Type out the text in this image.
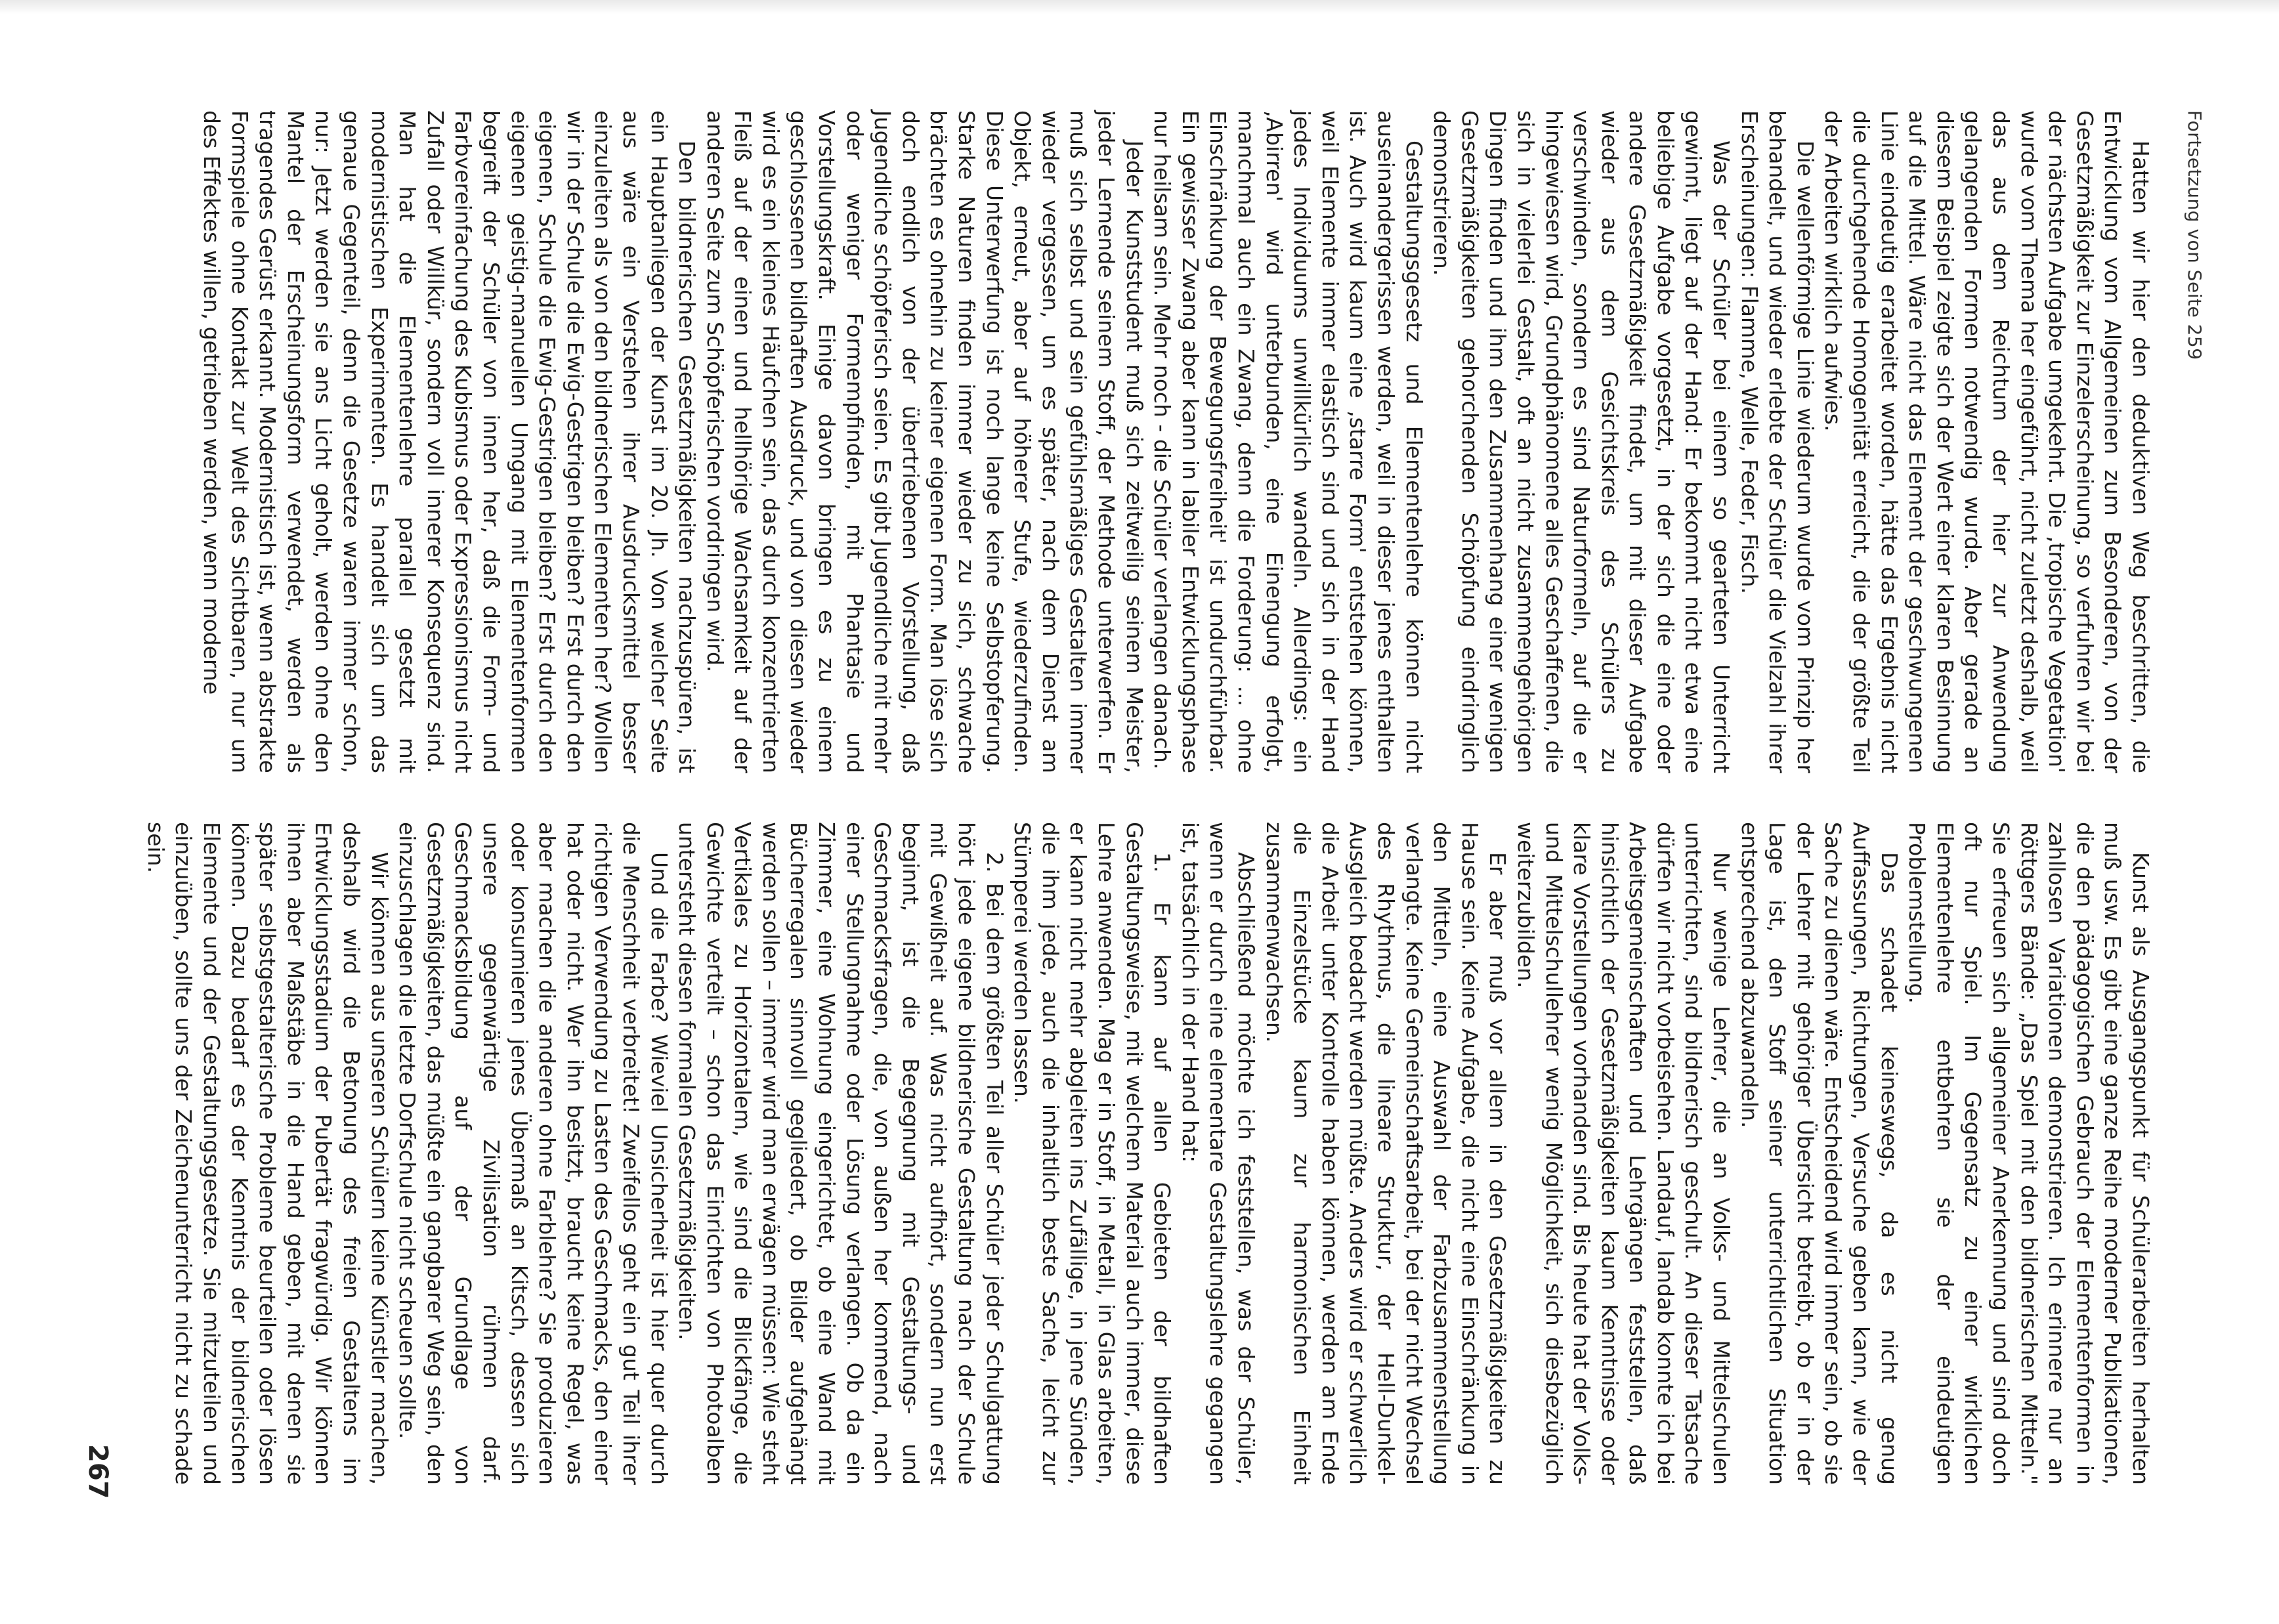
Fortsetzung von Seite 259

Hatten wir hier den deduktiven Weg beschritten, die Entwicklung vom Allgemeinen zum Besonderen, von der Gesetzmäßigkeit zur Einzelerscheinung, so verfuhren wir bei der nächsten Aufgabe umgekehrt. Die ‚tropische Vegetation' wurde vom Thema her eingeführt, nicht zuletzt deshalb, weil das aus dem Reichtum der hier zur Anwendung gelangenden Formen notwendig wurde. Aber gerade an diesem Beispiel zeigte sich der Wert einer klaren Besinnung auf die Mittel. Wäre nicht das Element der geschwungenen Linie eindeutig erarbeitet worden, hätte das Ergebnis nicht die durchgehende Homogenität erreicht, die der größte Teil der Arbeiten wirklich aufwies.

Die wellenförmige Linie wiederum wurde vom Prinzip her behandelt, und wieder erlebte der Schüler die Vielzahl ihrer Erscheinungen: Flamme, Welle, Feder, Fisch.

Was der Schüler bei einem so gearteten Unterricht gewinnt, liegt auf der Hand: Er bekommt nicht etwa eine beliebige Aufgabe vorgesetzt, in der sich die eine oder andere Gesetzmäßigkeit findet, um mit dieser Aufgabe wieder aus dem Gesichtskreis des Schülers zu verschwinden, sondern es sind Naturformeln, auf die er hingewiesen wird, Grundphänomene alles Geschaffenen, die sich in vielerlei Gestalt, oft an nicht zusammengehörigen Dingen finden und ihm den Zusammenhang einer wenigen Gesetzmäßigkeiten gehorchenden Schöpfung eindringlich demonstrieren.

Gestaltungsgesetz und Elementenlehre können nicht auseinandergerissen werden, weil in dieser jenes enthalten ist. Auch wird kaum eine ‚starre Form' entstehen können, weil Elemente immer elastisch sind und sich in der Hand jedes Individuums unwillkürlich wandeln. Allerdings: ein ‚Abirren' wird unterbunden, eine Einengung erfolgt, manchmal auch ein Zwang, denn die Forderung: ... ohne Einschränkung der Bewegungsfreiheit' ist undurchführbar. Ein gewisser Zwang aber kann in labiler Entwicklungsphase nur heilsam sein. Mehr noch - die Schüler verlangen danach.

Jeder Kunststudent muß sich zeitweilig seinem Meister, jeder Lernende seinem Stoff, der Methode unterwerfen. Er muß sich selbst und sein gefühlsmäßiges Gestalten immer wieder vergessen, um es später, nach dem Dienst am Objekt, erneut, aber auf höherer Stufe, wiederzufinden. Diese Unterwerfung ist noch lange keine Selbstopferung. Starke Naturen finden immer wieder zu sich, schwache brächten es ohnehin zu keiner eigenen Form. Man löse sich doch endlich von der übertriebenen Vorstellung, daß Jugendliche schöpferisch seien. Es gibt Jugendliche mit mehr oder weniger Formempfinden, mit Phantasie und Vorstellungskraft. Einige davon bringen es zu einem geschlossenen bildhaften Ausdruck, und von diesen wieder wird es ein kleines Häufchen sein, das durch konzentrierten Fleiß auf der einen und hellhörige Wachsamkeit auf der anderen Seite zum Schöpferischen vordringen wird.

Den bildnerischen Gesetzmäßigkeiten nachzuspüren, ist ein Hauptanliegen der Kunst im 20. Jh. Von welcher Seite aus wäre ein Verstehen ihrer Ausdrucksmittel besser einzuleiten als von den bildnerischen Elementen her? Wollen wir in der Schule die Ewig-Gestrigen bleiben? Erst durch den eigenen, Schule die Ewig-Gestrigen bleiben? Erst durch den eigenen geistig-manuellen Umgang mit Elementenformen begreift der Schüler von innen her, daß die Form- und Farbvereinfachung des Kubismus oder Expressionismus nicht Zufall oder Willkür, sondern voll innerer Konsequenz sind. Man hat die Elementenlehre parallel gesetzt mit modernistischen Experimenten. Es handelt sich um das genaue Gegenteil, denn die Gesetze waren immer schon, nur: Jetzt werden sie ans Licht geholt, werden ohne den Mantel der Erscheinungsform verwendet, werden als tragendes Gerüst erkannt. Modernistisch ist, wenn abstrakte Formspiele ohne Kontakt zur Welt des Sichtbaren, nur um des Effektes willen, getrieben werden, wenn moderne

Kunst als Ausgangspunkt für Schülerarbeiten herhalten muß usw. Es gibt eine ganze Reihe moderner Publikationen, die den pädagogischen Gebrauch der Elementenformen in zahllosen Variationen demonstrieren. Ich erinnere nur an Röttgers Bände: „Das Spiel mit den bildnerischen Mitteln." Sie erfreuen sich allgemeiner Anerkennung und sind doch oft nur Spiel. Im Gegensatz zu einer wirklichen Elementenlehre entbehren sie der eindeutigen Problemstellung.

Das schadet keineswegs, da es nicht genug Auffassungen, Richtungen, Versuche geben kann, wie der Sache zu dienen wäre. Entscheidend wird immer sein, ob sie der Lehrer mit gehöriger Übersicht betreibt, ob er in der Lage ist, den Stoff seiner unterrichtlichen Situation entsprechend abzuwandeln.

Nur wenige Lehrer, die an Volks- und Mittelschulen unterrichten, sind bildnerisch geschult. An dieser Tatsache dürfen wir nicht vorbeisehen. Landauf, landab konnte ich bei Arbeitsgemeinschaften und Lehrgängen feststellen, daß hinsichtlich der Gesetzmäßigkeiten kaum Kenntnisse oder klare Vorstellungen vorhanden sind. Bis heute hat der Volks- und Mittelschullehrer wenig Möglichkeit, sich diesbezüglich weiterzubilden.

Er aber muß vor allem in den Gesetzmäßigkeiten zu Hause sein. Keine Aufgabe, die nicht eine Einschränkung in den Mitteln, eine Auswahl der Farbzusammenstellung verlangte. Keine Gemeinschaftsarbeit, bei der nicht Wechsel des Rhythmus, die lineare Struktur, der Hell-Dunkel-Ausgleich bedacht werden müßte. Anders wird er schwerlich die Arbeit unter Kontrolle haben können, werden am Ende die Einzelstücke kaum zur harmonischen Einheit zusammenwachsen.

Abschließend möchte ich feststellen, was der Schüler, wenn er durch eine elementare Gestaltungslehre gegangen ist, tatsächlich in der Hand hat:

1. Er kann auf allen Gebieten der bildhaften Gestaltungsweise, mit welchem Material auch immer, diese Lehre anwenden. Mag er in Stoff, in Metall, in Glas arbeiten, er kann nicht mehr abgleiten ins Zufällige, in jene Sünden, die ihm jede, auch die inhaltlich beste Sache, leicht zur Stümperei werden lassen.

2. Bei dem größten Teil aller Schüler jeder Schulgattung hört jede eigene bildnerische Gestaltung nach der Schule mit Gewißheit auf. Was nicht aufhört, sondern nun erst beginnt, ist die Begegnung mit Gestaltungs- und Geschmacksfragen, die, von außen her kommend, nach einer Stellungnahme oder Lösung verlangen. Ob da ein Zimmer, eine Wohnung eingerichtet, ob eine Wand mit Bücherregalen sinnvoll gegliedert, ob Bilder aufgehängt werden sollen – immer wird man erwägen müssen: Wie steht Vertikales zu Horizontalem, wie sind die Blickfänge, die Gewichte verteilt – schon das Einrichten von Photoalben untersteht diesen formalen Gesetzmäßigkeiten.

Und die Farbe? Wieviel Unsicherheit ist hier quer durch die Menschheit verbreitet! Zweifellos geht ein gut Teil ihrer richtigen Verwendung zu Lasten des Geschmacks, den einer hat oder nicht. Wer ihn besitzt, braucht keine Regel, was aber machen die anderen ohne Farblehre? Sie produzieren oder konsumieren jenes Übermaß an Kitsch, dessen sich unsere gegenwärtige Zivilisation rühmen darf. Geschmacksbildung auf der Grundlage von Gesetzmäßigkeiten, das müßte ein gangbarer Weg sein, den einzuschlagen die letzte Dorfschule nicht scheuen sollte.

Wir können aus unseren Schülern keine Künstler machen, deshalb wird die Betonung des freien Gestaltens im Entwicklungsstadium der Pubertät fragwürdig. Wir können ihnen aber Maßstäbe in die Hand geben, mit denen sie später selbstgestalterische Probleme beurteilen oder lösen können. Dazu bedarf es der Kenntnis der bildnerischen Elemente und der Gestaltungsgesetze. Sie mitzuteilen und einzuüben, sollte uns der Zeichenunterricht nicht zu schade sein.

267
